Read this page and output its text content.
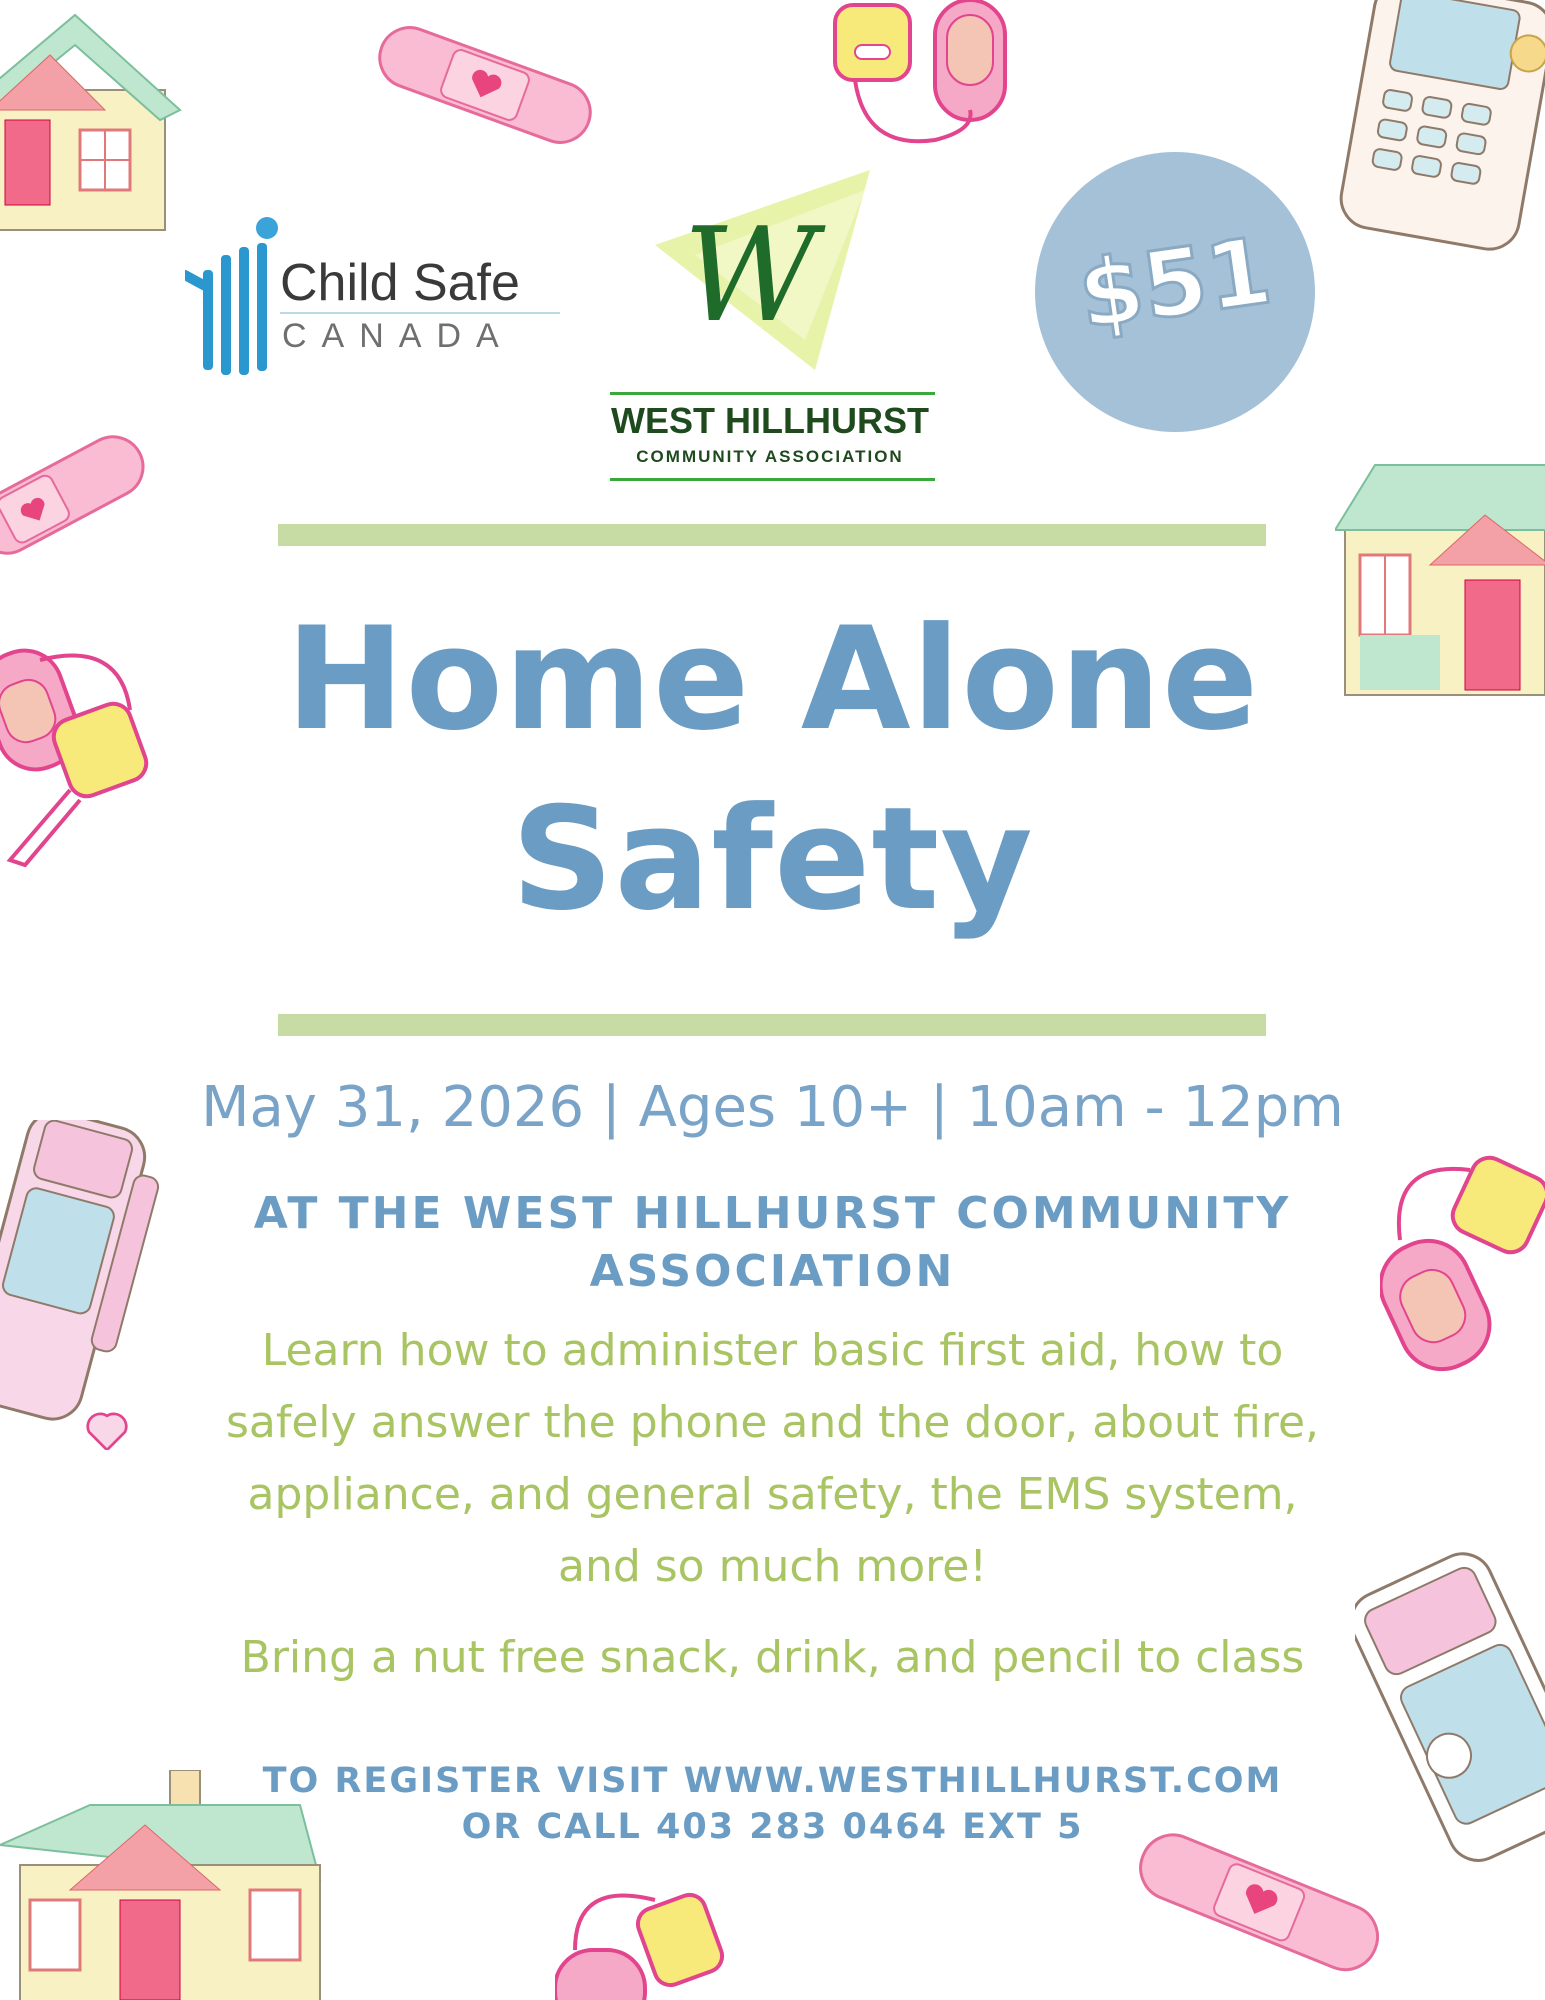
Child Safe
CANADA W
WEST HILLHURST
COMMUNITY ASSOCIATION
$51
Home Alone
Safety
May 31, 2026 | Ages 10+ | 10am - 12pm
AT THE WEST HILLHURST COMMUNITY ASSOCIATION
Learn how to administer basic first aid, how to safely answer the phone and the door, about fire, appliance, and general safety, the EMS system, and so much more!
Bring a nut free snack, drink, and pencil to class
TO REGISTER VISIT WWW.WESTHILLHURST.COM
OR CALL 403 283 0464 EXT 5
